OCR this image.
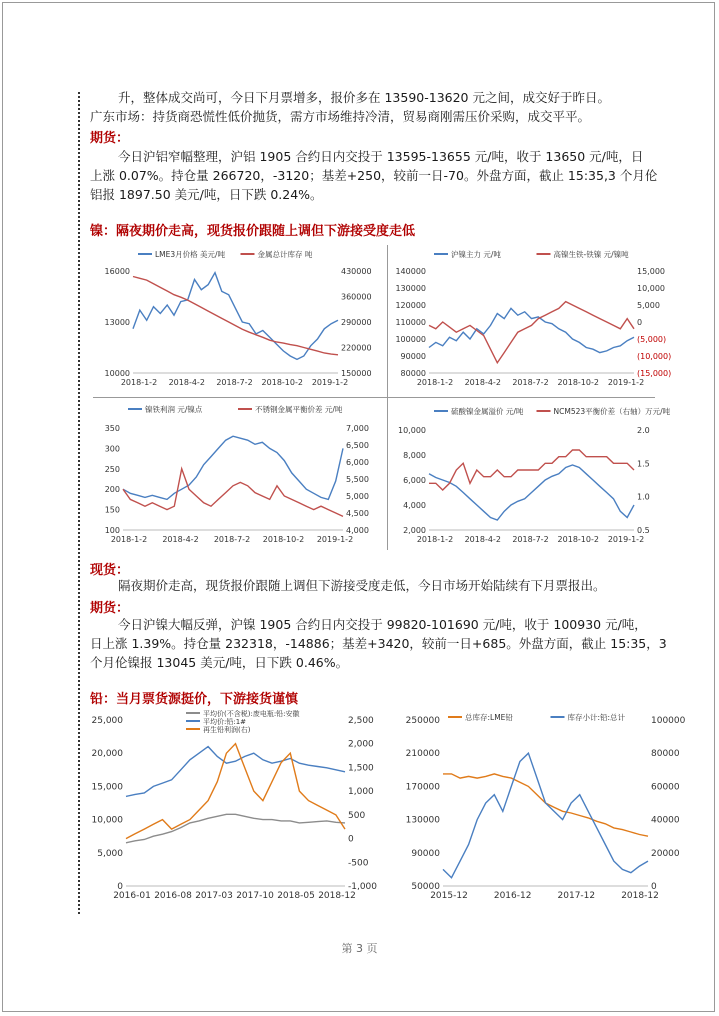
升，整体成交尚可，今日下月票增多，报价多在 13590-13620 元之间，成交好于昨日。
广东市场：持货商恐慌性低价抛货，需方市场维持冷清，贸易商刚需压价采购，成交平平。
期货：
今日沪铝窄幅整理，沪铝 1905 合约日内交投于 13595-13655 元/吨，收于 13650 元/吨，日
上涨 0.07%。持仓量 266720，-3120；基差+250，较前一日-70。外盘方面，截止 15:35,3 个月伦
铝报 1897.50 美元/吨，日下跌 0.24%。
镍：隔夜期价走高，现货报价跟随上调但下游接受度走低
10000
13000
16000
150000
220000
290000
360000
430000
2018-1-2 2018-4-2 2018-7-2 2018-10-2 2019-1-2
LME3月价格 美元/吨	金属总计库存 吨
80000
90000
100000
110000
120000
130000
140000	15,000
10,000
5,000
0
(5,000)
(10,000)
(15,000)
2018-1-2 2018-4-2 2018-7-2 2018-10-2 2019-1-2
沪镍主力 元/吨	高镍生铁-铁镍 元/镍吨
100
150
200
250
300
350
4,000
4,500
5,000
5,500
6,000
6,500
7,000
2018-1-2 2018-4-2 2018-7-2 2018-10-2 2019-1-2
镍铁利润 元/镍点	不锈钢金属平衡价差 元/吨
2,000
4,000
6,000
8,000
10,000
0.5
1.0
1.5
2.0
2018-1-2 2018-4-2 2018-7-2 2018-10-2 2019-1-2
硫酸镍金属溢价 元/吨	NCM523平衡价差（右轴）万元/吨
现货：
隔夜期价走高，现货报价跟随上调但下游接受度走低，今日市场开始陆续有下月票报出。
期货：
今日沪镍大幅反弹，沪镍 1905 合约日内交投于 99820-101690 元/吨，收于 100930 元/吨，
日上涨 1.39%。持仓量 232318，-14886；基差+3420，较前一日+685。外盘方面，截止 15:35，3
个月伦镍报 13045 美元/吨，日下跌 0.46%。
铅：当月票货源挺价，下游接货谨慎
0
5,000
10,000
15,000
20,000
25,000
-1,000
-500
0
500
1,000
1,500
2,000
2,500
2016-01 2016-08 2017-03 2017-10 2018-05 2018-12
平均价(不含税):废电瓶:铅:安徽
平均价:铅:1#
再生铅利润(右)
50000
90000
130000
170000
210000
250000
0
20000
40000
60000
80000
100000
2015-12	2016-12	2017-12	2018-12
总库存:LME铅	库存小计:铅:总计
第 3 页
